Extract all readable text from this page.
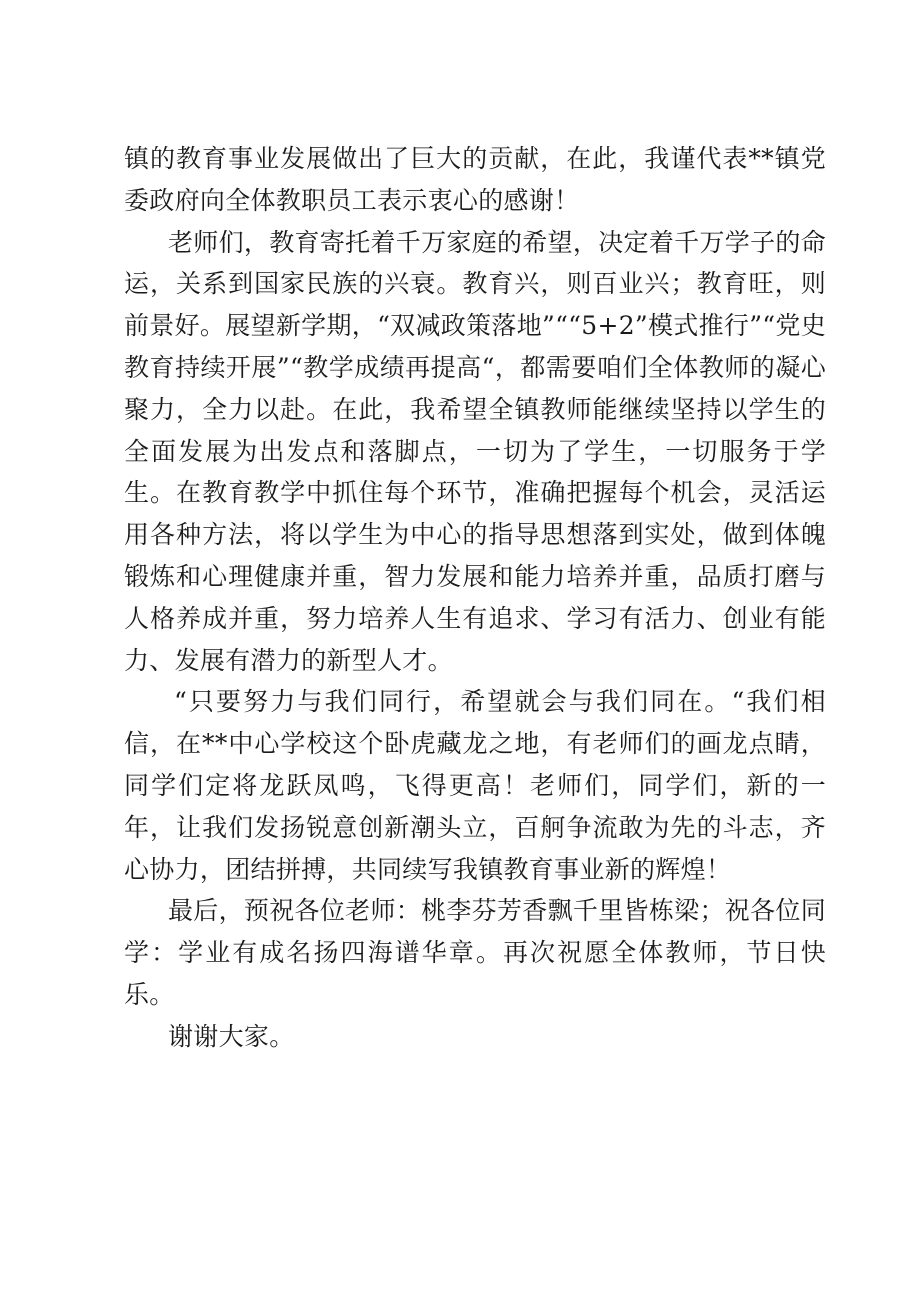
镇的教育事业发展做出了巨大的贡献，在此，我谨代表**镇党委政府向全体教职员工表示衷心的感谢！

老师们，教育寄托着千万家庭的希望，决定着千万学子的命运，关系到国家民族的兴衰。教育兴，则百业兴；教育旺，则前景好。展望新学期，“双减政策落地”““5+2”模式推行”“党史教育持续开展”“教学成绩再提高“，都需要咱们全体教师的凝心聚力，全力以赴。在此，我希望全镇教师能继续坚持以学生的全面发展为出发点和落脚点，一切为了学生，一切服务于学生。在教育教学中抓住每个环节，准确把握每个机会，灵活运用各种方法，将以学生为中心的指导思想落到实处，做到体魄锻炼和心理健康并重，智力发展和能力培养并重，品质打磨与人格养成并重，努力培养人生有追求、学习有活力、创业有能力、发展有潜力的新型人才。

“只要努力与我们同行，希望就会与我们同在。“我们相信，在**中心学校这个卧虎藏龙之地，有老师们的画龙点睛，同学们定将龙跃凤鸣，飞得更高！老师们，同学们，新的一年，让我们发扬锐意创新潮头立，百舸争流敢为先的斗志，齐心协力，团结拼搏，共同续写我镇教育事业新的辉煌！

最后，预祝各位老师：桃李芬芳香飘千里皆栋梁；祝各位同学：学业有成名扬四海谱华章。再次祝愿全体教师，节日快乐。

谢谢大家。
